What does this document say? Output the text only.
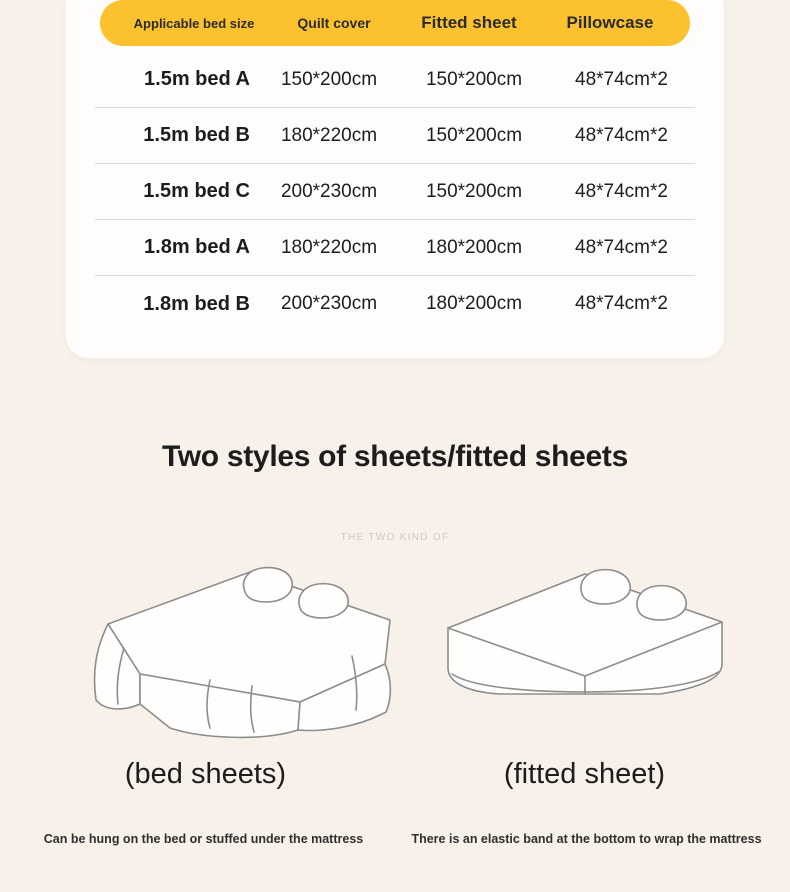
Applicable bed size	Quilt cover	Fitted sheet	Pillowcase
1.5m bed A	150*200cm	150*200cm	48*74cm*2
1.5m bed B	180*220cm	150*200cm	48*74cm*2
1.5m bed C	200*230cm	150*200cm	48*74cm*2
1.8m bed A	180*220cm	180*200cm	48*74cm*2
1.8m bed B	200*230cm	180*200cm	48*74cm*2
Two styles of sheets/fitted sheets
THE TWO KIND OF
(bed sheets)	(fitted sheet)
Can be hung on the bed or stuffed under the mattress	There is an elastic band at the bottom to wrap the mattress
